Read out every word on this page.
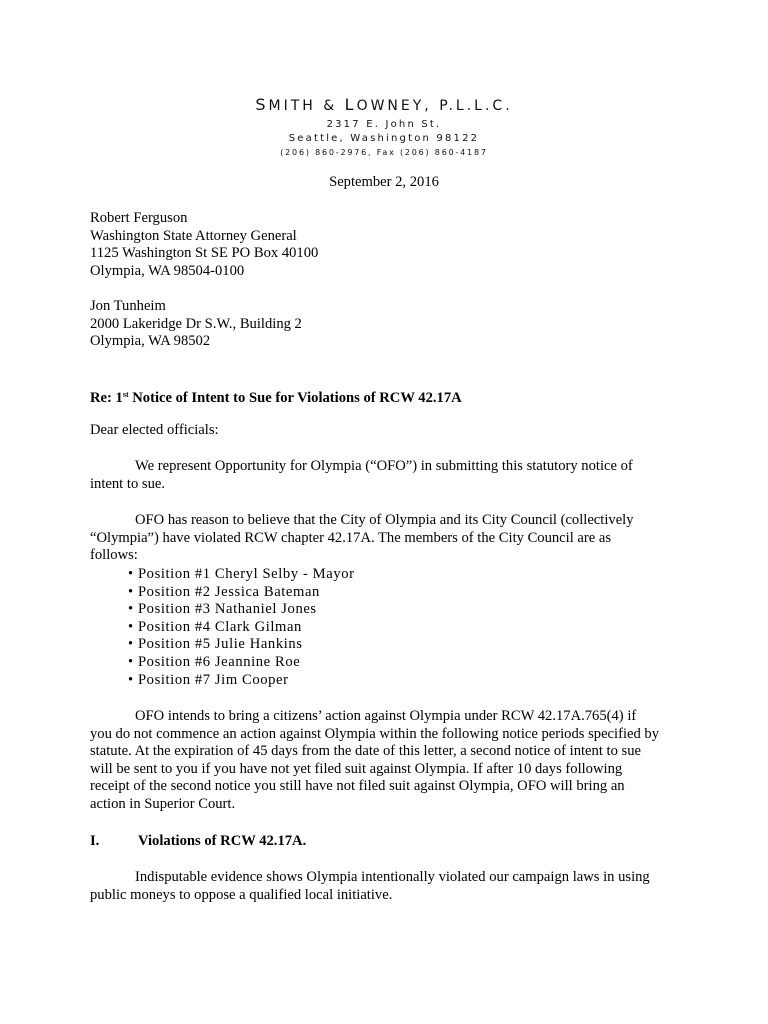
SMITH & LOWNEY, P.L.L.C.
2317 E. John St.
Seattle, Washington 98122
(206) 860-2976, Fax (206) 860-4187
September 2, 2016
Robert Ferguson
Washington State Attorney General
1125 Washington St SE PO Box 40100
Olympia, WA 98504-0100
Jon Tunheim
2000 Lakeridge Dr S.W., Building 2
Olympia, WA 98502
Re: 1st Notice of Intent to Sue for Violations of RCW 42.17A
Dear elected officials:
We represent Opportunity for Olympia (“OFO”) in submitting this statutory notice of
intent to sue.
OFO has reason to believe that the City of Olympia and its City Council (collectively
“Olympia”) have violated RCW chapter 42.17A. The members of the City Council are as
follows:
• Position #1 Cheryl Selby - Mayor
• Position #2 Jessica Bateman
• Position #3 Nathaniel Jones
• Position #4 Clark Gilman
• Position #5 Julie Hankins
• Position #6 Jeannine Roe
• Position #7 Jim Cooper
OFO intends to bring a citizens’ action against Olympia under RCW 42.17A.765(4) if
you do not commence an action against Olympia within the following notice periods specified by
statute. At the expiration of 45 days from the date of this letter, a second notice of intent to sue
will be sent to you if you have not yet filed suit against Olympia. If after 10 days following
receipt of the second notice you still have not filed suit against Olympia, OFO will bring an
action in Superior Court.
I.	Violations of RCW 42.17A.
Indisputable evidence shows Olympia intentionally violated our campaign laws in using
public moneys to oppose a qualified local initiative.
